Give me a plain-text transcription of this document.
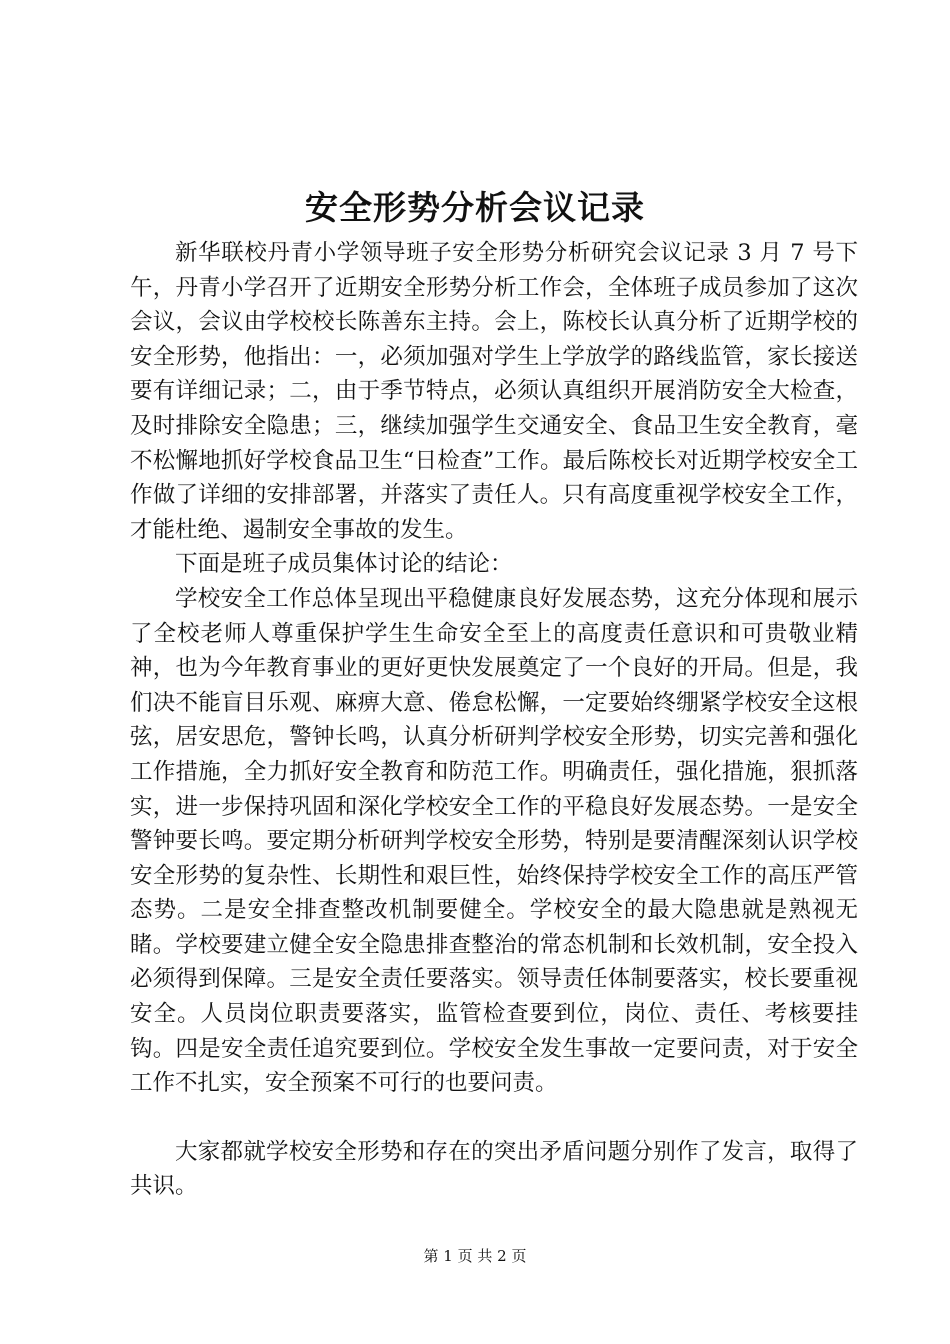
安全形势分析会议记录

新华联校丹青小学领导班子安全形势分析研究会议记录 3 月 7 号下午，丹青小学召开了近期安全形势分析工作会，全体班子成员参加了这次会议，会议由学校校长陈善东主持。会上，陈校长认真分析了近期学校的安全形势，他指出：一，必须加强对学生上学放学的路线监管，家长接送要有详细记录；二，由于季节特点，必须认真组织开展消防安全大检查，及时排除安全隐患；三，继续加强学生交通安全、食品卫生安全教育，毫不松懈地抓好学校食品卫生“日检查”工作。最后陈校长对近期学校安全工作做了详细的安排部署，并落实了责任人。只有高度重视学校安全工作，才能杜绝、遏制安全事故的发生。

下面是班子成员集体讨论的结论：

学校安全工作总体呈现出平稳健康良好发展态势，这充分体现和展示了全校老师人尊重保护学生生命安全至上的高度责任意识和可贵敬业精神，也为今年教育事业的更好更快发展奠定了一个良好的开局。但是，我们决不能盲目乐观、麻痹大意、倦怠松懈，一定要始终绷紧学校安全这根弦，居安思危，警钟长鸣，认真分析研判学校安全形势，切实完善和强化工作措施，全力抓好安全教育和防范工作。明确责任，强化措施，狠抓落实，进一步保持巩固和深化学校安全工作的平稳良好发展态势。一是安全警钟要长鸣。要定期分析研判学校安全形势，特别是要清醒深刻认识学校安全形势的复杂性、长期性和艰巨性，始终保持学校安全工作的高压严管态势。二是安全排查整改机制要健全。学校安全的最大隐患就是熟视无睹。学校要建立健全安全隐患排查整治的常态机制和长效机制，安全投入必须得到保障。三是安全责任要落实。领导责任体制要落实，校长要重视安全。人员岗位职责要落实，监管检查要到位，岗位、责任、考核要挂钩。四是安全责任追究要到位。学校安全发生事故一定要问责，对于安全工作不扎实，安全预案不可行的也要问责。

大家都就学校安全形势和存在的突出矛盾问题分别作了发言，取得了共识。

第 1 页 共 2 页
